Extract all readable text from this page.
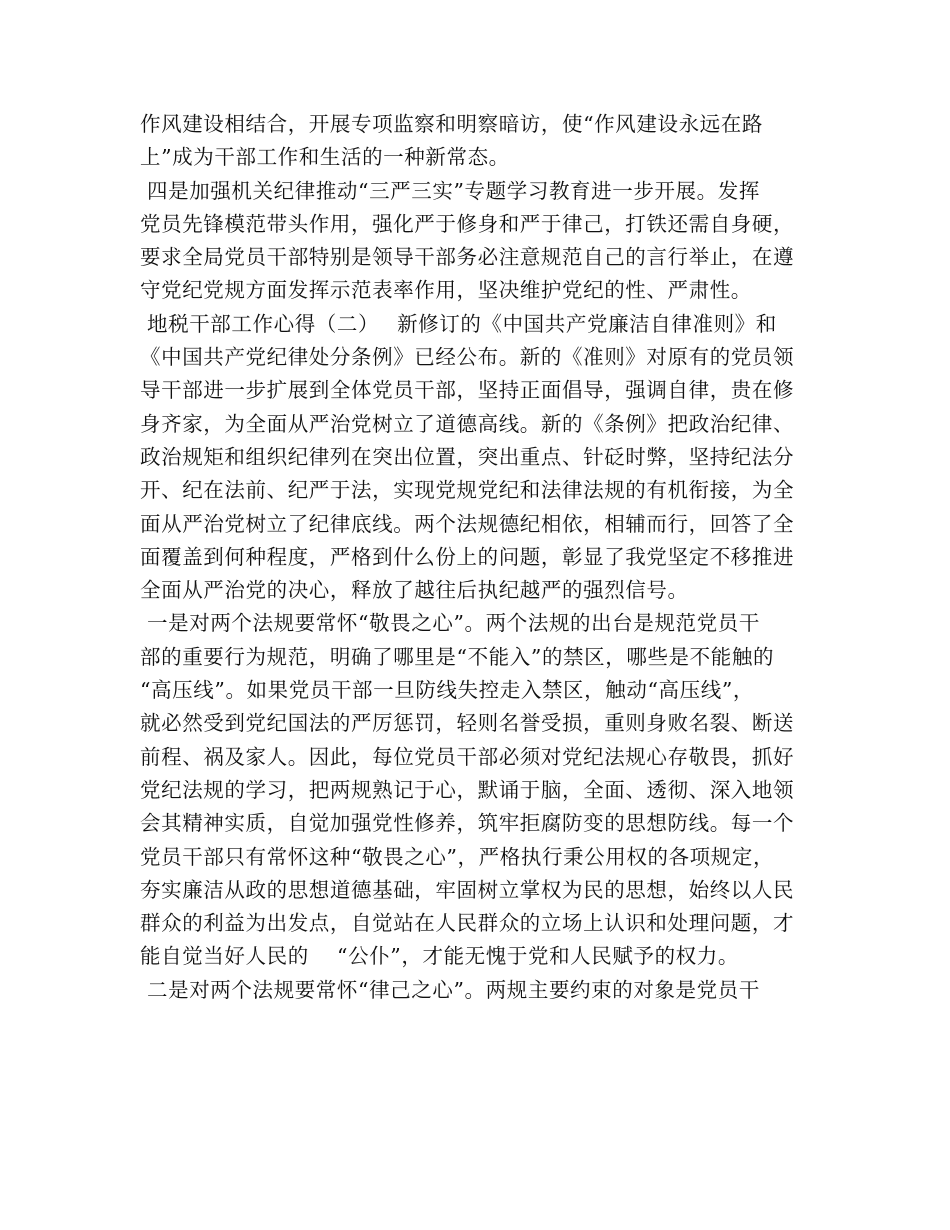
作风建设相结合，开展专项监察和明察暗访，使“作风建设永远在路
上”成为干部工作和生活的一种新常态。
四是加强机关纪律推动“三严三实”专题学习教育进一步开展。发挥
党员先锋模范带头作用，强化严于修身和严于律己，打铁还需自身硬，
要求全局党员干部特别是领导干部务必注意规范自己的言行举止，在遵
守党纪党规方面发挥示范表率作用，坚决维护党纪的性、严肃性。
地税干部工作心得（二）　 新修订的《中国共产党廉洁自律准则》和
《中国共产党纪律处分条例》已经公布。新的《准则》对原有的党员领
导干部进一步扩展到全体党员干部，坚持正面倡导，强调自律，贵在修
身齐家，为全面从严治党树立了道德高线。新的《条例》把政治纪律、
政治规矩和组织纪律列在突出位置，突出重点、针砭时弊，坚持纪法分
开、纪在法前、纪严于法，实现党规党纪和法律法规的有机衔接，为全
面从严治党树立了纪律底线。两个法规德纪相依，相辅而行，回答了全
面覆盖到何种程度，严格到什么份上的问题，彰显了我党坚定不移推进
全面从严治党的决心，释放了越往后执纪越严的强烈信号。
一是对两个法规要常怀“敬畏之心”。两个法规的出台是规范党员干
部的重要行为规范，明确了哪里是“不能入”的禁区，哪些是不能触的
“高压线”。如果党员干部一旦防线失控走入禁区，触动“高压线”，
就必然受到党纪国法的严厉惩罚，轻则名誉受损，重则身败名裂、断送
前程、祸及家人。因此，每位党员干部必须对党纪法规心存敬畏，抓好
党纪法规的学习，把两规熟记于心，默诵于脑，全面、透彻、深入地领
会其精神实质，自觉加强党性修养，筑牢拒腐防变的思想防线。每一个
党员干部只有常怀这种“敬畏之心”，严格执行秉公用权的各项规定，
夯实廉洁从政的思想道德基础，牢固树立掌权为民的思想，始终以人民
群众的利益为出发点，自觉站在人民群众的立场上认识和处理问题，才
能自觉当好人民的　 “公仆”，才能无愧于党和人民赋予的权力。
二是对两个法规要常怀“律己之心”。两规主要约束的对象是党员干
